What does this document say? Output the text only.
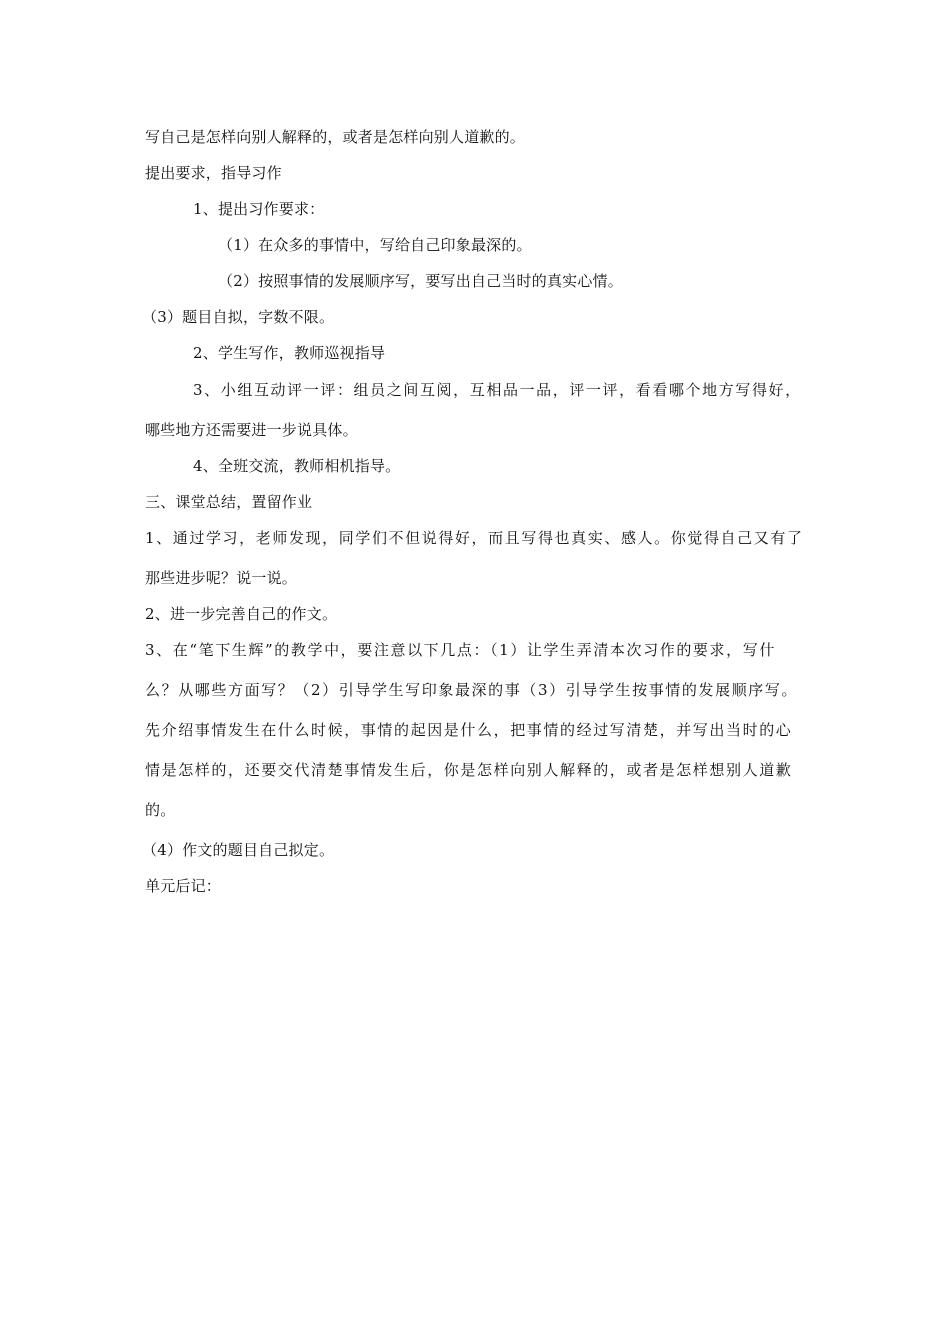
写自己是怎样向别人解释的，或者是怎样向别人道歉的。
提出要求，指导习作
1、提出习作要求：
（1）在众多的事情中，写给自己印象最深的。
（2）按照事情的发展顺序写，要写出自己当时的真实心情。
（3）题目自拟，字数不限。
2、学生写作，教师巡视指导
3、小组互动评一评：组员之间互阅，互相品一品，评一评，看看哪个地方写得好，
哪些地方还需要进一步说具体。
4、全班交流，教师相机指导。
三、课堂总结，置留作业
1、通过学习，老师发现，同学们不但说得好，而且写得也真实、感人。你觉得自己又有了
那些进步呢？说一说。
2、进一步完善自己的作文。
3、在“笔下生辉”的教学中，要注意以下几点：（1）让学生弄清本次习作的要求，写什
么？从哪些方面写？（2）引导学生写印象最深的事（3）引导学生按事情的发展顺序写。
先介绍事情发生在什么时候，事情的起因是什么，把事情的经过写清楚，并写出当时的心
情是怎样的，还要交代清楚事情发生后，你是怎样向别人解释的，或者是怎样想别人道歉
的。
（4）作文的题目自己拟定。
单元后记：
